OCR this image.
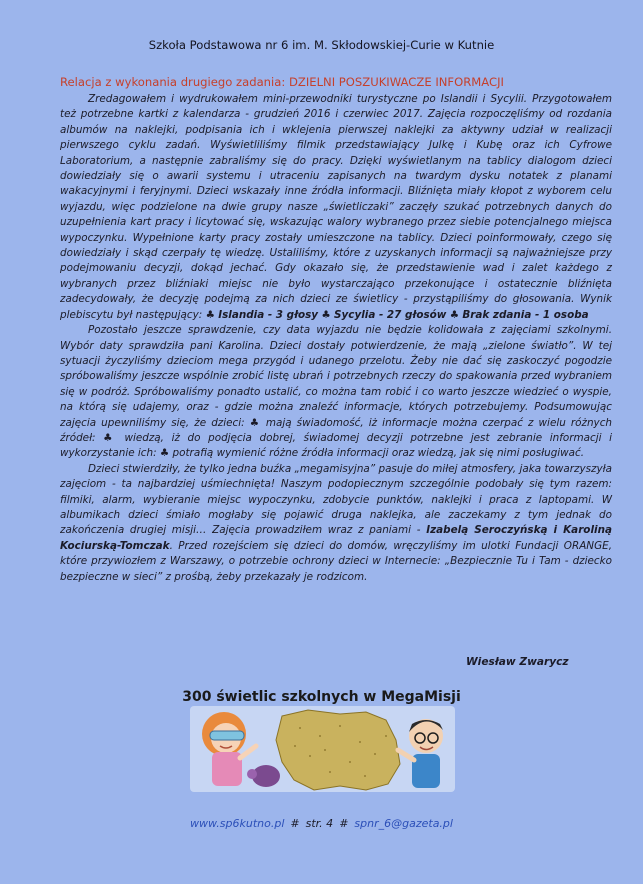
Szkoła Podstawowa nr 6 im. M. Skłodowskiej-Curie w Kutnie
Relacja z wykonania drugiego zadania: DZIELNI POSZUKIWACZE INFORMACJI

Zredagowałem i wydrukowałem mini-przewodniki turystyczne po Islandii i Sycylii. Przygotowałem też potrzebne kartki z kalendarza - grudzień 2016 i czerwiec 2017. Zajęcia rozpoczęliśmy od rozdania albumów na naklejki, podpisania ich i wklejenia pierwszej naklejki za aktywny udział w realizacji pierwszego cyklu zadań. Wyświetliliśmy filmik przedstawiający Julkę i Kubę oraz ich Cyfrowe Laboratorium, a następnie zabraliśmy się do pracy. Dzięki wyświetlanym na tablicy dialogom dzieci dowiedziały się o awarii systemu i utraceniu zapisanych na twardym dysku notatek z planami wakacyjnymi i feryjnymi. Dzieci wskazały inne źródła informacji. Bliźnięta miały kłopot z wyborem celu wyjazdu, więc podzielone na dwie grupy nasze „świetliczaki” zaczęły szukać potrzebnych danych do uzupełnienia kart pracy i licytować się, wskazując walory wybranego przez siebie potencjalnego miejsca wypoczynku. Wypełnione karty pracy zostały umieszczone na tablicy. Dzieci poinformowały, czego się dowiedziały i skąd czerpały tę wiedzę. Ustaliliśmy, które z uzyskanych informacji są najważniejsze przy podejmowaniu decyzji, dokąd jechać. Gdy okazało się, że przedstawienie wad i zalet każdego z wybranych przez bliźniaki miejsc nie było wystarczająco przekonujące i ostatecznie bliźnięta zadecydowały, że decyzję podejmą za nich dzieci ze świetlicy - przystąpiliśmy do głosowania. Wynik plebiscytu był następujący: ♣ Islandia - 3 głosy ♣ Sycylia - 27 głosów ♣ Brak zdania - 1 osoba

Pozostało jeszcze sprawdzenie, czy data wyjazdu nie będzie kolidowała z zajęciami szkolnymi. Wybór daty sprawdziła pani Karolina. Dzieci dostały potwierdzenie, że mają „zielone światło”. W tej sytuacji życzyliśmy dzieciom mega przygód i udanego przelotu. Żeby nie dać się zaskoczyć pogodzie spróbowaliśmy jeszcze wspólnie zrobić listę ubrań i potrzebnych rzeczy do spakowania przed wybraniem się w podróż. Spróbowaliśmy ponadto ustalić, co można tam robić i co warto jeszcze wiedzieć o wyspie, na którą się udajemy, oraz - gdzie można znaleźć informacje, których potrzebujemy. Podsumowując zajęcia upewniliśmy się, że dzieci: ♣ mają świadomość, iż informacje można czerpać z wielu różnych źródeł: ♣ wiedzą, iż do podjęcia dobrej, świadomej decyzji potrzebne jest zebranie informacji i wykorzystanie ich: ♣ potrafią wymienić różne źródła informacji oraz wiedzą, jak się nimi posługiwać.

Dzieci stwierdziły, że tylko jedna buźka „megamisyjna” pasuje do miłej atmosfery, jaka towarzyszyła zajęciom - ta najbardziej uśmiechnięta! Naszym podopiecznym szczególnie podobały się tym razem: filmiki, alarm, wybieranie miejsc wypoczynku, zdobycie punktów, naklejki i praca z laptopami. W albumikach dzieci śmiało mogłaby się pojawić druga naklejka, ale zaczekamy z tym jednak do zakończenia drugiej misji… Zajęcia prowadziłem wraz z paniami - Izabelą Seroczyńską i Karoliną Kociurską-Tomczak. Przed rozejściem się dzieci do domów, wręczyliśmy im ulotki Fundacji ORANGE, które przywiozłem z Warszawy, o potrzebie ochrony dzieci w Internecie: „Bezpiecznie Tu i Tam - dziecko bezpieczne w sieci” z prośbą, żeby przekazały je rodzicom.

Wiesław Zwarycz
300 świetlic szkolnych w MegaMisji
www.sp6kutno.pl # str. 4 # spnr_6@gazeta.pl
